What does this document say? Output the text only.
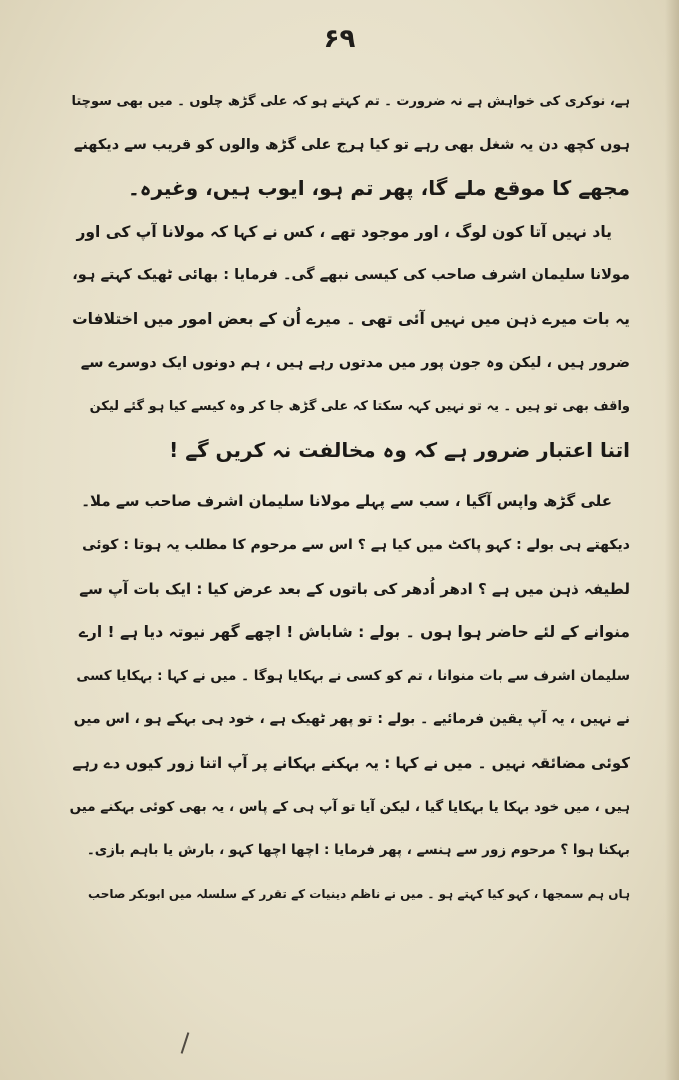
۶۹
ہے، نوکری کی خواہش ہے نہ ضرورت ۔ تم کہتے ہو کہ علی گڑھ چلوں ۔ میں بھی سوچتا
ہوں کچھ دن یہ شغل بھی رہے تو کیا ہرج علی گڑھ والوں کو قریب سے دیکھنے
مجھے کا موقع ملے گا، پھر تم ہو، ایوب ہیں، وغیرہ۔
یاد نہیں آتا کون لوگ ، اور موجود تھے ، کس نے کہا کہ مولانا آپ کی اور
مولانا سلیمان اشرف صاحب کی کیسی نبھے گی۔ فرمایا : بھائی ٹھیک کہتے ہو،
یہ بات میرے ذہن میں نہیں آئی تھی ۔ میرے اُن کے بعض امور میں اختلافات
ضرور ہیں ، لیکن وہ جون پور میں مدتوں رہے ہیں ، ہم دونوں ایک دوسرے سے
واقف بھی تو ہیں ۔ یہ تو نہیں کہہ سکتا کہ علی گڑھ جا کر وہ کیسے کیا ہو گئے لیکن
اتنا اعتبار ضرور ہے کہ وہ مخالفت نہ کریں گے !
علی گڑھ واپس آگیا ، سب سے پہلے مولانا سلیمان اشرف صاحب سے ملا۔
دیکھتے ہی بولے : کہو پاکٹ میں کیا ہے ؟ اس سے مرحوم کا مطلب یہ ہوتا : کوئی
لطیفہ ذہن میں ہے ؟ ادھر اُدھر کی باتوں کے بعد عرض کیا : ایک بات آپ سے
منوانے کے لئے حاضر ہوا ہوں ۔ بولے : شاباش ! اچھے گھر نیوتہ دیا ہے ! ارے
سلیمان اشرف سے بات منوانا ، تم کو کسی نے بہکایا ہوگا ۔ میں نے کہا : بہکایا کسی
نے نہیں ، یہ آپ یقین فرمائیے ۔ بولے : تو پھر ٹھیک ہے ، خود ہی بہکے ہو ، اس میں
کوئی مضائقہ نہیں ۔ میں نے کہا : یہ بہکنے بہکانے پر آپ اتنا زور کیوں دے رہے
ہیں ، میں خود بہکا یا بہکایا گیا ، لیکن آیا تو آپ ہی کے پاس ، یہ بھی کوئی بہکنے میں
بہکنا ہوا ؟ مرحوم زور سے ہنسے ، پھر فرمایا : اچھا اچھا کہو ، بارش یا باہم بازی۔
ہاں ہم سمجھا ، کہو کیا کہتے ہو ۔ میں نے ناظم دینیات کے تقرر کے سلسلہ میں ابوبکر صاحب
